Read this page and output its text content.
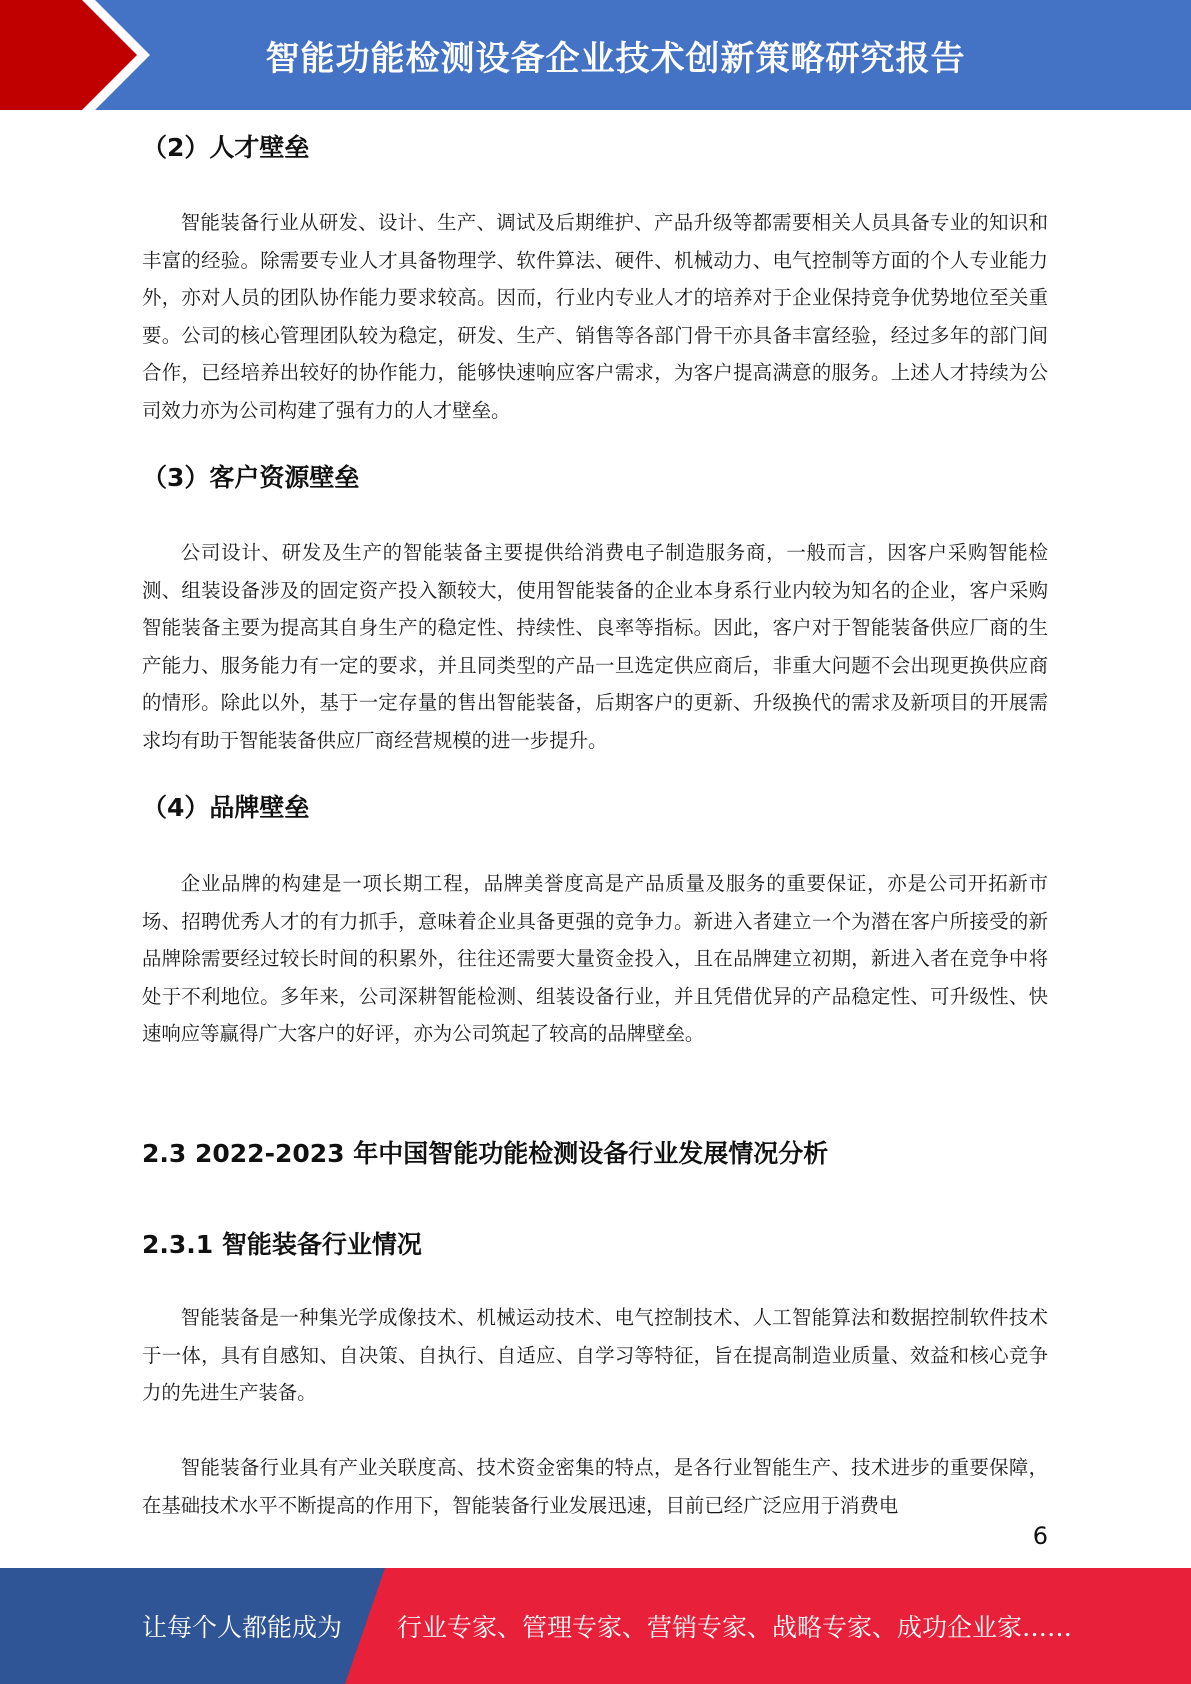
智能功能检测设备企业技术创新策略研究报告
（2）人才壁垒

智能装备行业从研发、设计、生产、调试及后期维护、产品升级等都需要相关人员具备专业的知识和丰富的经验。除需要专业人才具备物理学、软件算法、硬件、机械动力、电气控制等方面的个人专业能力外，亦对人员的团队协作能力要求较高。因而，行业内专业人才的培养对于企业保持竞争优势地位至关重要。公司的核心管理团队较为稳定，研发、生产、销售等各部门骨干亦具备丰富经验，经过多年的部门间合作，已经培养出较好的协作能力，能够快速响应客户需求，为客户提高满意的服务。上述人才持续为公司效力亦为公司构建了强有力的人才壁垒。

（3）客户资源壁垒

公司设计、研发及生产的智能装备主要提供给消费电子制造服务商，一般而言，因客户采购智能检测、组装设备涉及的固定资产投入额较大，使用智能装备的企业本身系行业内较为知名的企业，客户采购智能装备主要为提高其自身生产的稳定性、持续性、良率等指标。因此，客户对于智能装备供应厂商的生产能力、服务能力有一定的要求，并且同类型的产品一旦选定供应商后，非重大问题不会出现更换供应商的情形。除此以外，基于一定存量的售出智能装备，后期客户的更新、升级换代的需求及新项目的开展需求均有助于智能装备供应厂商经营规模的进一步提升。

（4）品牌壁垒

企业品牌的构建是一项长期工程，品牌美誉度高是产品质量及服务的重要保证，亦是公司开拓新市场、招聘优秀人才的有力抓手，意味着企业具备更强的竞争力。新进入者建立一个为潜在客户所接受的新品牌除需要经过较长时间的积累外，往往还需要大量资金投入，且在品牌建立初期，新进入者在竞争中将处于不利地位。多年来，公司深耕智能检测、组装设备行业，并且凭借优异的产品稳定性、可升级性、快速响应等赢得广大客户的好评，亦为公司筑起了较高的品牌壁垒。

2.3 2022-2023 年中国智能功能检测设备行业发展情况分析
2.3.1 智能装备行业情况

智能装备是一种集光学成像技术、机械运动技术、电气控制技术、人工智能算法和数据控制软件技术于一体，具有自感知、自决策、自执行、自适应、自学习等特征，旨在提高制造业质量、效益和核心竞争力的先进生产装备。

智能装备行业具有产业关联度高、技术资金密集的特点，是各行业智能生产、技术进步的重要保障，在基础技术水平不断提高的作用下，智能装备行业发展迅速，目前已经广泛应用于消费电

6
让每个人都能成为 行业专家、管理专家、营销专家、战略专家、成功企业家……
